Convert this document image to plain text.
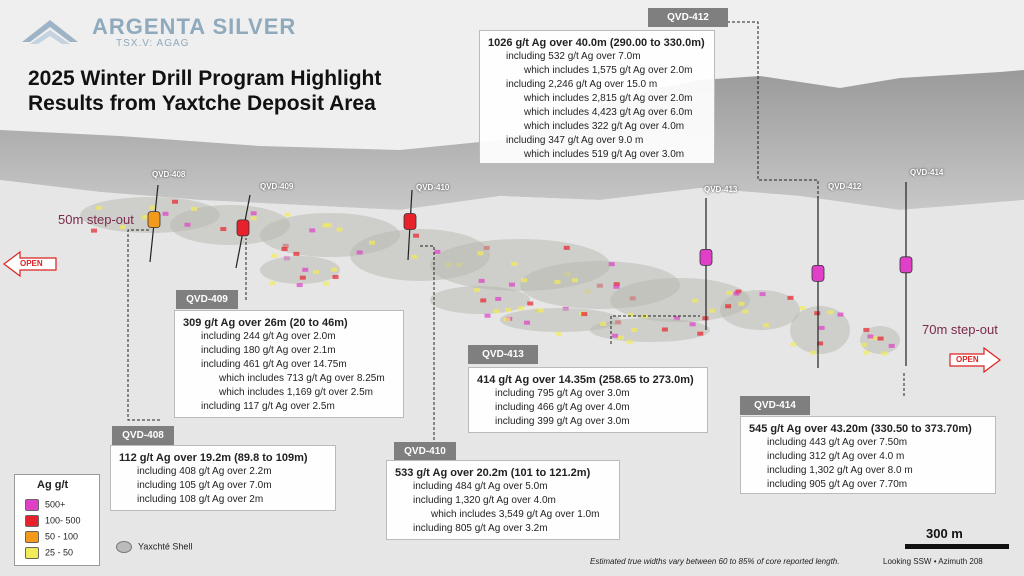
ARGENTA SILVER
TSX.V: AGAG
2025 Winter Drill Program Highlight
Results from Yaxtche Deposit Area
50m step-out
70m step-out
OPEN
OPEN
QVD-408
QVD-409	QVD-410	QVD-413	QVD-412
QVD-414
QVD-412
1026 g/t Ag over 40.0m (290.00 to 330.0m)
including 532 g/t Ag over 7.0m
which includes 1,575 g/t Ag over 2.0m
including 2,246 g/t Ag over 15.0 m
which includes 2,815 g/t Ag over 2.0m
which includes 4,423 g/t Ag over 6.0m
which includes 322 g/t Ag over 4.0m
including 347 g/t Ag over 9.0 m
which includes 519 g/t Ag over 3.0m
QVD-409
309 g/t Ag over 26m (20 to 46m)
including 244 g/t Ag over 2.0m
including 180 g/t Ag over 2.1m
including 461 g/t Ag over 14.75m
which includes 713 g/t Ag over 8.25m
which includes 1,169 g/t over 2.5m
including 117 g/t Ag over 2.5m
QVD-408
112 g/t Ag over 19.2m (89.8 to 109m)
including 408 g/t Ag over 2.2m
including 105 g/t Ag over 7.0m
including 108 g/t Ag over 2m
QVD-410
533 g/t Ag over 20.2m (101 to 121.2m)
including 484 g/t Ag over 5.0m
including 1,320 g/t Ag over 4.0m
which includes 3,549 g/t Ag over 1.0m
including 805 g/t Ag over 3.2m
QVD-413
414 g/t Ag over 14.35m (258.65 to 273.0m)
including 795 g/t Ag over 3.0m
including 466 g/t Ag over 4.0m
including 399 g/t Ag over 3.0m
QVD-414
545 g/t Ag over 43.20m (330.50 to 373.70m)
including 443 g/t Ag over 7.50m
including 312 g/t Ag over 4.0 m
including 1,302 g/t Ag over 8.0 m
including 905 g/t Ag over 7.70m
Ag g/t
500+
100- 500
50 - 100
25 - 50
Yaxchté Shell
300 m
Estimated true widths vary between 60 to 85% of core reported length.	Looking SSW • Azimuth 208
